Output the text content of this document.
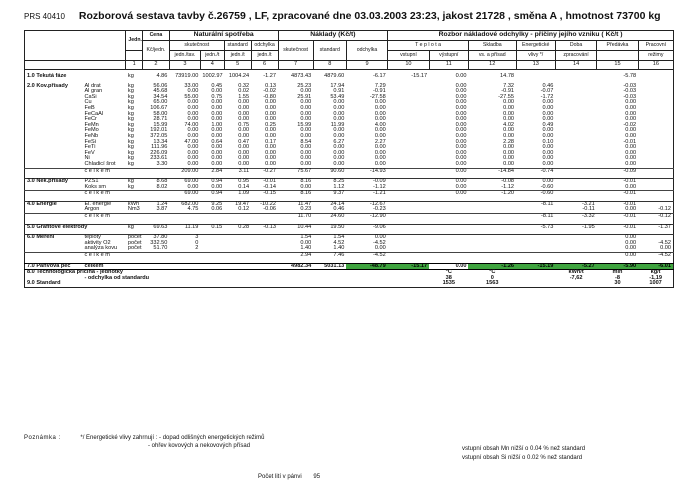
PRS 40410 Rozborová sestava tavby č.26759 , LF, zpracované dne 03.03.2003 23:23, jakost 21728 , směna A , hmotnost 73700 kg
		Jedn.	Cena	Naturální spotřeba				Náklady (Kč/t)			Rozbor nákladové odchylky - příčiny jejího vzniku ( Kč/t )						
			Kč/jedn.	skutečnost		standard	odchylka	skutečnost	standard	odchylka	T e p l o t a		Skladba	Energetické	Doba	Předávka	Pracovní
				jedn./tav.	jedn./t	jedn./t	jedn./t				vstupní	výstupní	vs. a přísad	vlivy */	zpracování		režimy
		1	2	3	4	5	6	7	8	9	10	11	12	13	14	15	16

1.0 Tekutá fáze		kg	4.86	73919.00	1002.97	1004.24	-1.27	4873.43	4879.60	-6.17	-15.17	0.00	14.78			-5.78	

2.0 Kov.přísady	Al drat	kg	56.06	33.00	0.45	0.32	0.13	25.23	17.94	7.29		0.00	7.32	0.46		-0.03	
	Al gran	kg	45.68	0.00	0.00	0.02	-0.02	0.00	0.91	-0.91		0.00	-0.91	-0.07		-0.03	
	CaSi	kg	34.54	55.00	0.75	1.55	-0.80	25.91	53.49	-27.58		0.00	-27.55	-1.72		-0.03	
	Cu	kg	65.00	0.00	0.00	0.00	0.00	0.00	0.00	0.00		0.00	0.00	0.00		0.00	
	FeB	kg	106.67	0.00	0.00	0.00	0.00	0.00	0.00	0.00		0.00	0.00	0.00		0.00	
	FeCaAl	kg	58.00	0.00	0.00	0.00	0.00	0.00	0.00	0.00		0.00	0.00	0.00		0.00	
	FeCr	kg	28.71	0.00	0.00	0.00	0.00	0.00	0.00	0.00		0.00	0.00	0.00		0.00	
	FeMn	kg	15.99	74.00	1.00	0.75	0.25	15.99	11.99	4.00		0.00	4.02	0.49		-0.02	
	FeMo	kg	192.01	0.00	0.00	0.00	0.00	0.00	0.00	0.00		0.00	0.00	0.00		0.00	
	FeNb	kg	372.05	0.00	0.00	0.00	0.00	0.00	0.00	0.00		0.00	0.00	0.00		0.00	
	FeSi	kg	13.34	47.00	0.64	0.47	0.17	8.54	6.27	2.27		0.00	2.28	0.10		-0.01	
	FeTi	kg	111.96	0.00	0.00	0.00	0.00	0.00	0.00	0.00		0.00	0.00	0.00		0.00	
	FeV	kg	226.09	0.00	0.00	0.00	0.00	0.00	0.00	0.00		0.00	0.00	0.00		0.00	
	Ni	kg	233.61	0.00	0.00	0.00	0.00	0.00	0.00	0.00		0.00	0.00	0.00		0.00	
	Chladicí šrot	kg	3.30	0.00	0.00	0.00	0.00	0.00	0.00	0.00		0.00	0.00	0.00		0.00	
	c e l k e m			209.00	2.84	3.11	-0.27	75.67	90.60	-14.93		0.00	-14.84	-0.74		-0.09	

3.0 Nek.přísady	PZS1	kg	8.68	69.00	0.94	0.95	-0.01	8.16	8.25	-0.09		0.00	-0.08	0.00		-0.01	
	Koks sm	kg	8.02	0.00	0.00	0.14	-0.14	0.00	1.12	-1.12		0.00	-1.12	-0.60		0.00	
	c e l k e m			69.00	0.94	1.09	-0.15	8.16	9.37	-1.21		0.00	-1.20	-0.60		-0.01	

4.0 Energie	El. energie	kWh	1.24	682.00	9.25	19.47	-10.22	11.47	24.14	-12.67				-8.11	-3.21	-0.01	
	Argon	Nm3	3.87	4.75	0.06	0.12	-0.06	0.23	0.46	-0.23					-0.11	0.00	-0.12
	c e l k e m							11.70	24.60	-12.90				-8.11	-3.32	-0.01	-0.12

5.0 Grafitové elektrody		kg	69.63	11.19	0.15	0.28	-0.13	10.44	19.50	-9.06				-5.73	-1.95	-0.01	-1.37

6.0 Měření	teploty	počet	37.80	3				1.54	1.54	0.00						0.00	
	aktivity O2	počet	332.50	0				0.00	4.52	-4.52						0.00	-4.52
	analýza kovu	počet	51.70	2				1.40	1.40	0.00						0.00	0.00
	c e l k e m							2.94	7.46	-4.52						0.00	-4.52

7.0 Pánvová pec	celkem							4982.34	5031.13	-48.79	-15.17	0.00	-1.26	-15.19	-5.27	-5.90	-6.01
8.0 Technologická příčina - jednotky												°C	°C		kWh/t	min	kg/t
	- odchylka od standardu											38	0		-7,62	-8	-1,19
9.0 Standard												1535	1563			30	1007
Poznámka :	*/ Energetické vlivy zahrnují : - dopad odlišných energetických režimů
- ohřev kovových a nekovových přísad	vstupní obsah Mn nižší o 0.04 % než standard
vstupní obsah Si nižší o 0.02 % než standard
Počet lití v pánvi 95
